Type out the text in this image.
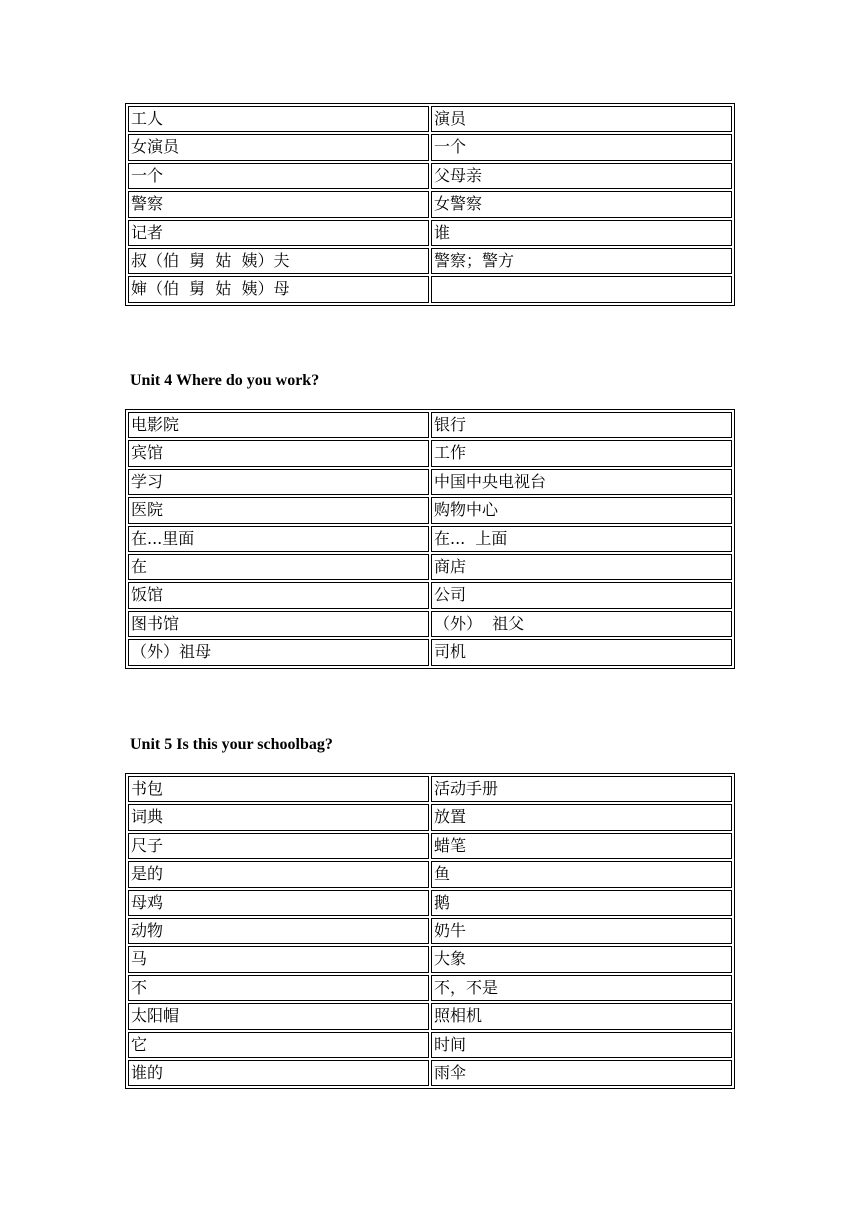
工人	演员
女演员	一个
一个	父母亲
警察	女警察
记者	谁
叔（伯  舅  姑  姨）夫	警察；警方
婶（伯  舅  姑  姨）母
Unit 4 Where do you work?
电影院	银行
宾馆	工作
学习	中国中央电视台
医院	购物中心
在...里面	在...  上面
在	商店
饭馆	公司
图书馆	（外）  祖父
（外）祖母	司机
Unit 5 Is this your schoolbag?
书包	活动手册
词典	放置
尺子	蜡笔
是的	鱼
母鸡	鹅
动物	奶牛
马	大象
不	不，不是
太阳帽	照相机
它	时间
谁的	雨伞
